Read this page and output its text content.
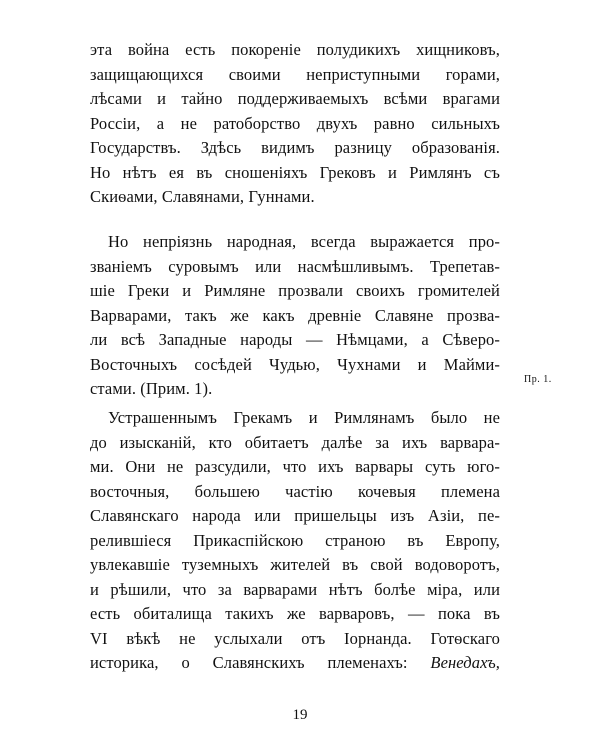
эта война есть покореніе полудикихъ хищниковъ,
защищающихся своими неприступными горами,
лѣсами и тайно поддерживаемыхъ всѣми врагами
Россіи, а не ратоборство двухъ равно сильныхъ
Государствъ. Здѣсь видимъ разницу образованія.
Но нѣтъ ея въ сношеніяхъ Грековъ и Римлянъ съ
Скиѳами, Славянами, Гуннами.
Но непріязнь народная, всегда выражается про-
званіемъ суровымъ или насмѣшливымъ. Трепетав-
шіе Греки и Римляне прозвали своихъ громителей
Варварами, такъ же какъ древніе Славяне прозва-
ли всѣ Западные народы — Нѣмцами, а Сѣверо-
Восточныхъ сосѣдей Чудью, Чухнами и Майми-
стами. (Прим. 1).	Пр. 1.
Устрашеннымъ Грекамъ и Римлянамъ было не
до изысканій, кто обитаетъ далѣе за ихъ варвара-
ми. Они не разсудили, что ихъ варвары суть юго-
восточныя, большею частію кочевыя племена
Славянскаго народа или пришельцы изъ Азіи, пе-
релившіеся Прикаспійскою страною въ Европу,
увлекавшіе туземныхъ жителей въ свой водоворотъ,
и рѣшили, что за варварами нѣтъ болѣе міра, или
есть обиталища такихъ же варваровъ, — пока въ
VI вѣкѣ не услыхали отъ Іорнанда. Готѳскаго
историка, о Славянскихъ племенахъ: Венедахъ,
19
